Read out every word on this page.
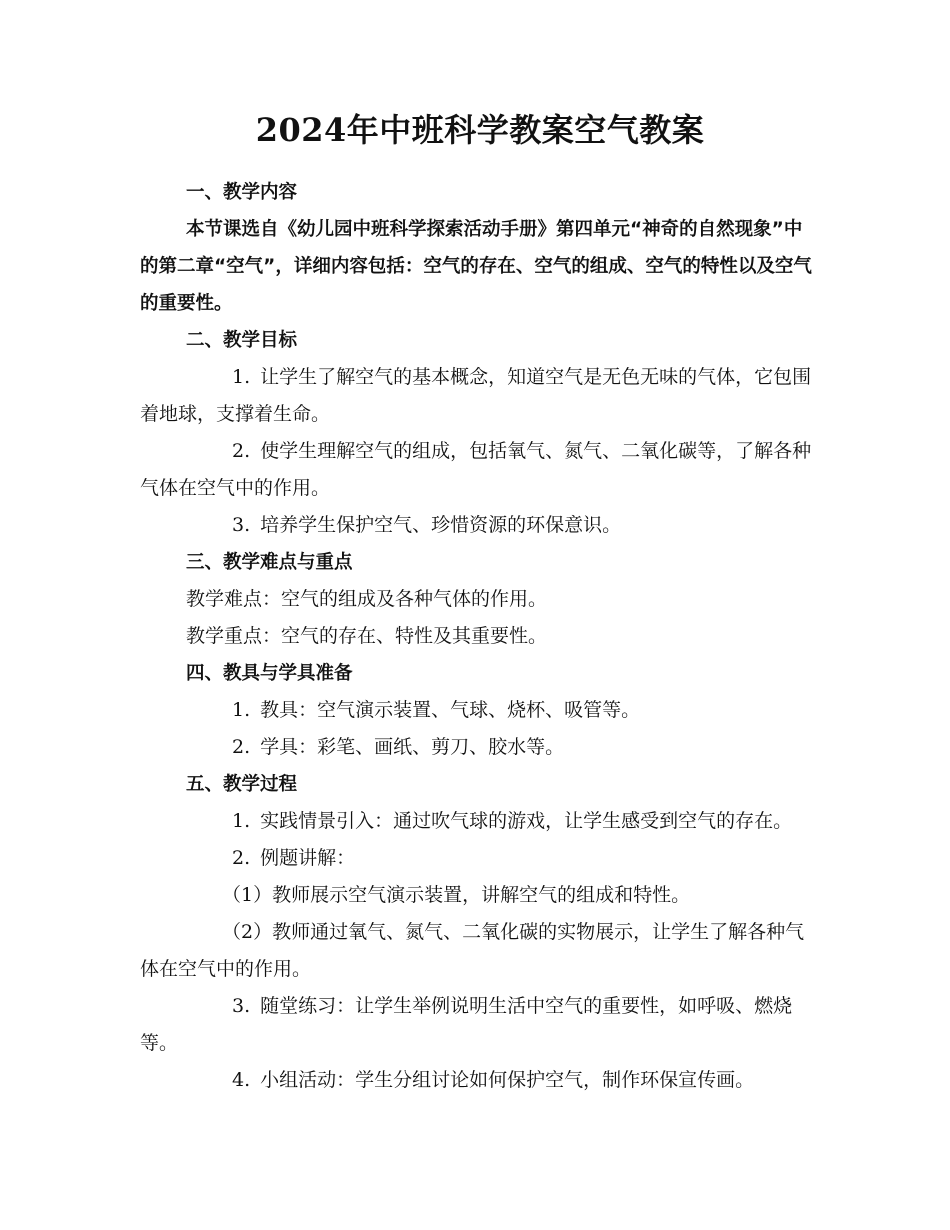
2024年中班科学教案空气教案

一、教学内容

本节课选自《幼儿园中班科学探索活动手册》第四单元“神奇的自然现象”中的第二章“空气”，详细内容包括：空气的存在、空气的组成、空气的特性以及空气的重要性。

二、教学目标

1. 让学生了解空气的基本概念，知道空气是无色无味的气体，它包围着地球，支撑着生命。

2. 使学生理解空气的组成，包括氧气、氮气、二氧化碳等，了解各种气体在空气中的作用。

3. 培养学生保护空气、珍惜资源的环保意识。

三、教学难点与重点

教学难点：空气的组成及各种气体的作用。

教学重点：空气的存在、特性及其重要性。

四、教具与学具准备

1. 教具：空气演示装置、气球、烧杯、吸管等。

2. 学具：彩笔、画纸、剪刀、胶水等。

五、教学过程

1. 实践情景引入：通过吹气球的游戏，让学生感受到空气的存在。

2. 例题讲解：

（1）教师展示空气演示装置，讲解空气的组成和特性。

（2）教师通过氧气、氮气、二氧化碳的实物展示，让学生了解各种气体在空气中的作用。

3. 随堂练习：让学生举例说明生活中空气的重要性，如呼吸、燃烧等。

4. 小组活动：学生分组讨论如何保护空气，制作环保宣传画。
